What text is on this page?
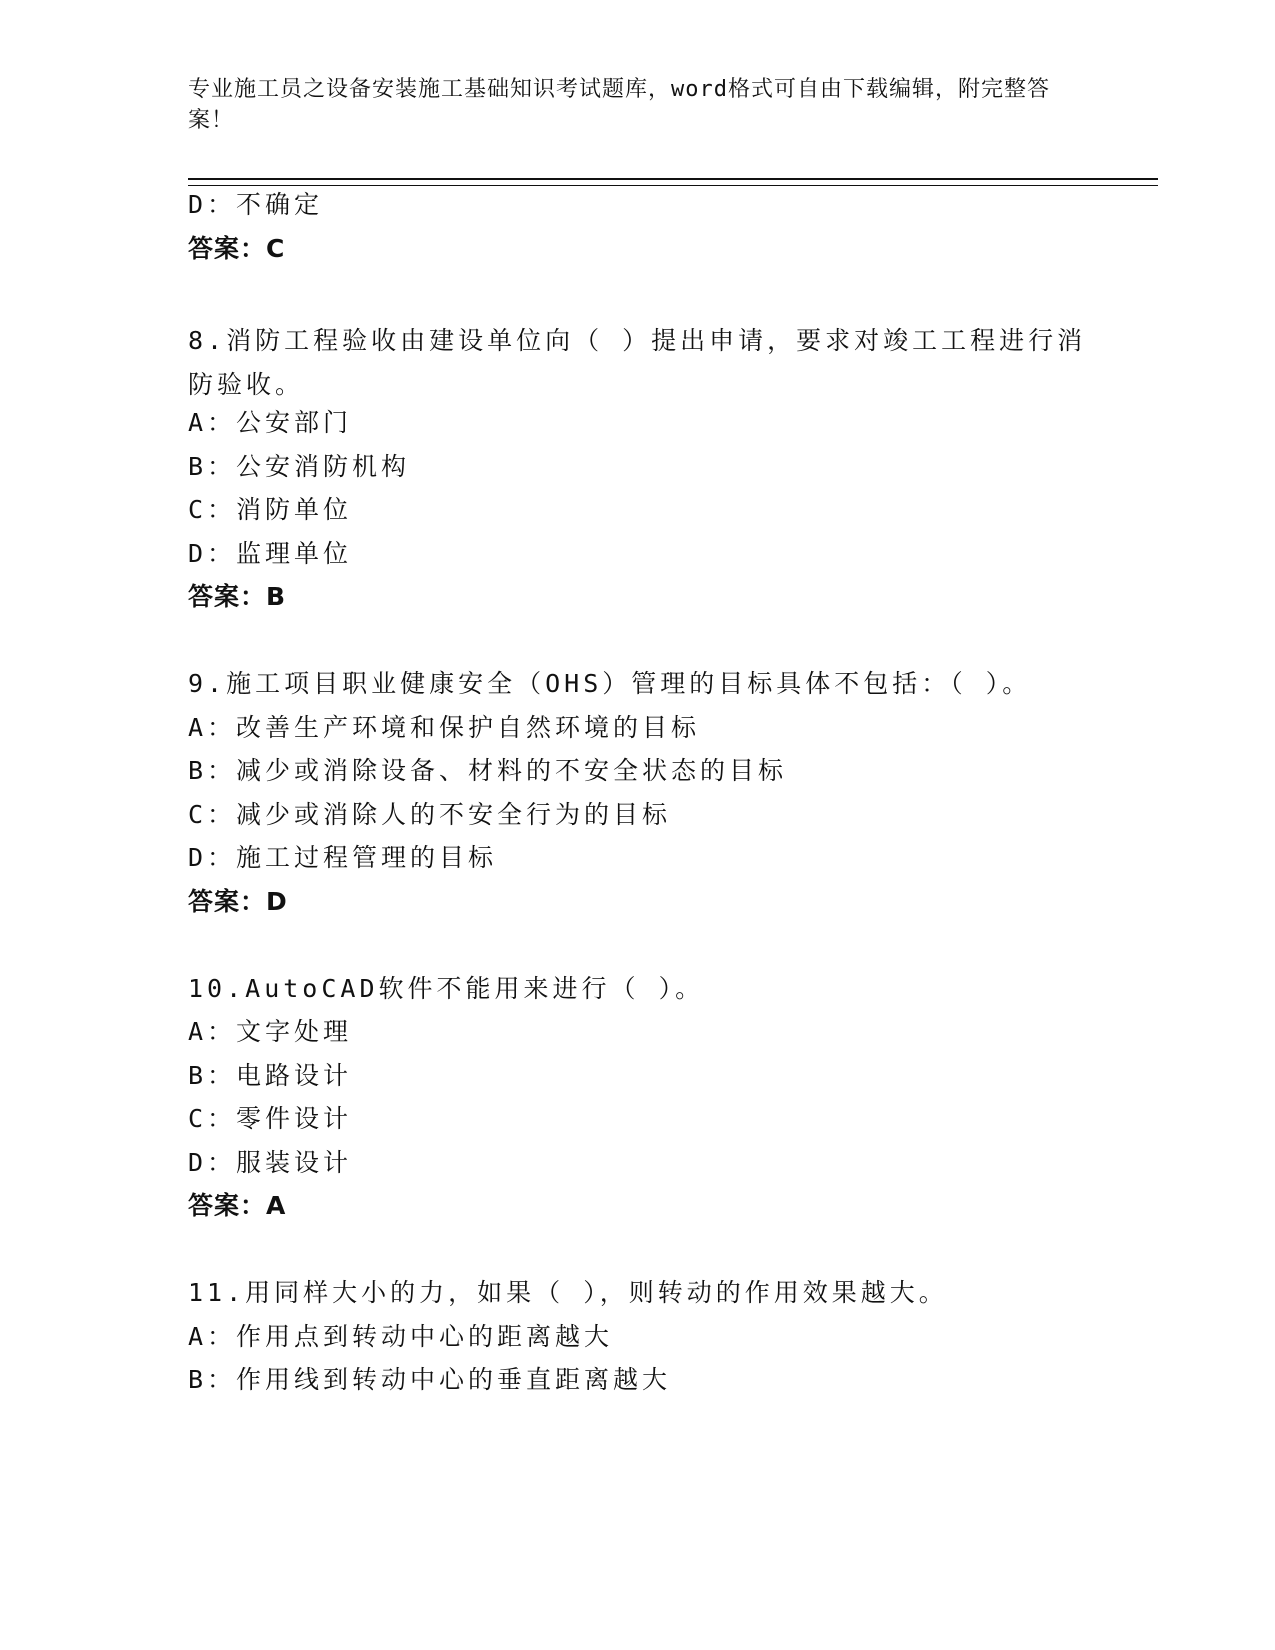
专业施工员之设备安装施工基础知识考试题库，word格式可自由下载编辑，附完整答案！
D：不确定
答案：C
8.消防工程验收由建设单位向（ ）提出申请，要求对竣工工程进行消防验收。
A：公安部门
B：公安消防机构
C：消防单位
D：监理单位
答案：B
9.施工项目职业健康安全（OHS）管理的目标具体不包括：（ ）。
A：改善生产环境和保护自然环境的目标
B：减少或消除设备、材料的不安全状态的目标
C：减少或消除人的不安全行为的目标
D：施工过程管理的目标
答案：D
10.AutoCAD软件不能用来进行（ ）。
A：文字处理
B：电路设计
C：零件设计
D：服装设计
答案：A
11.用同样大小的力，如果（ ），则转动的作用效果越大。
A：作用点到转动中心的距离越大
B：作用线到转动中心的垂直距离越大
